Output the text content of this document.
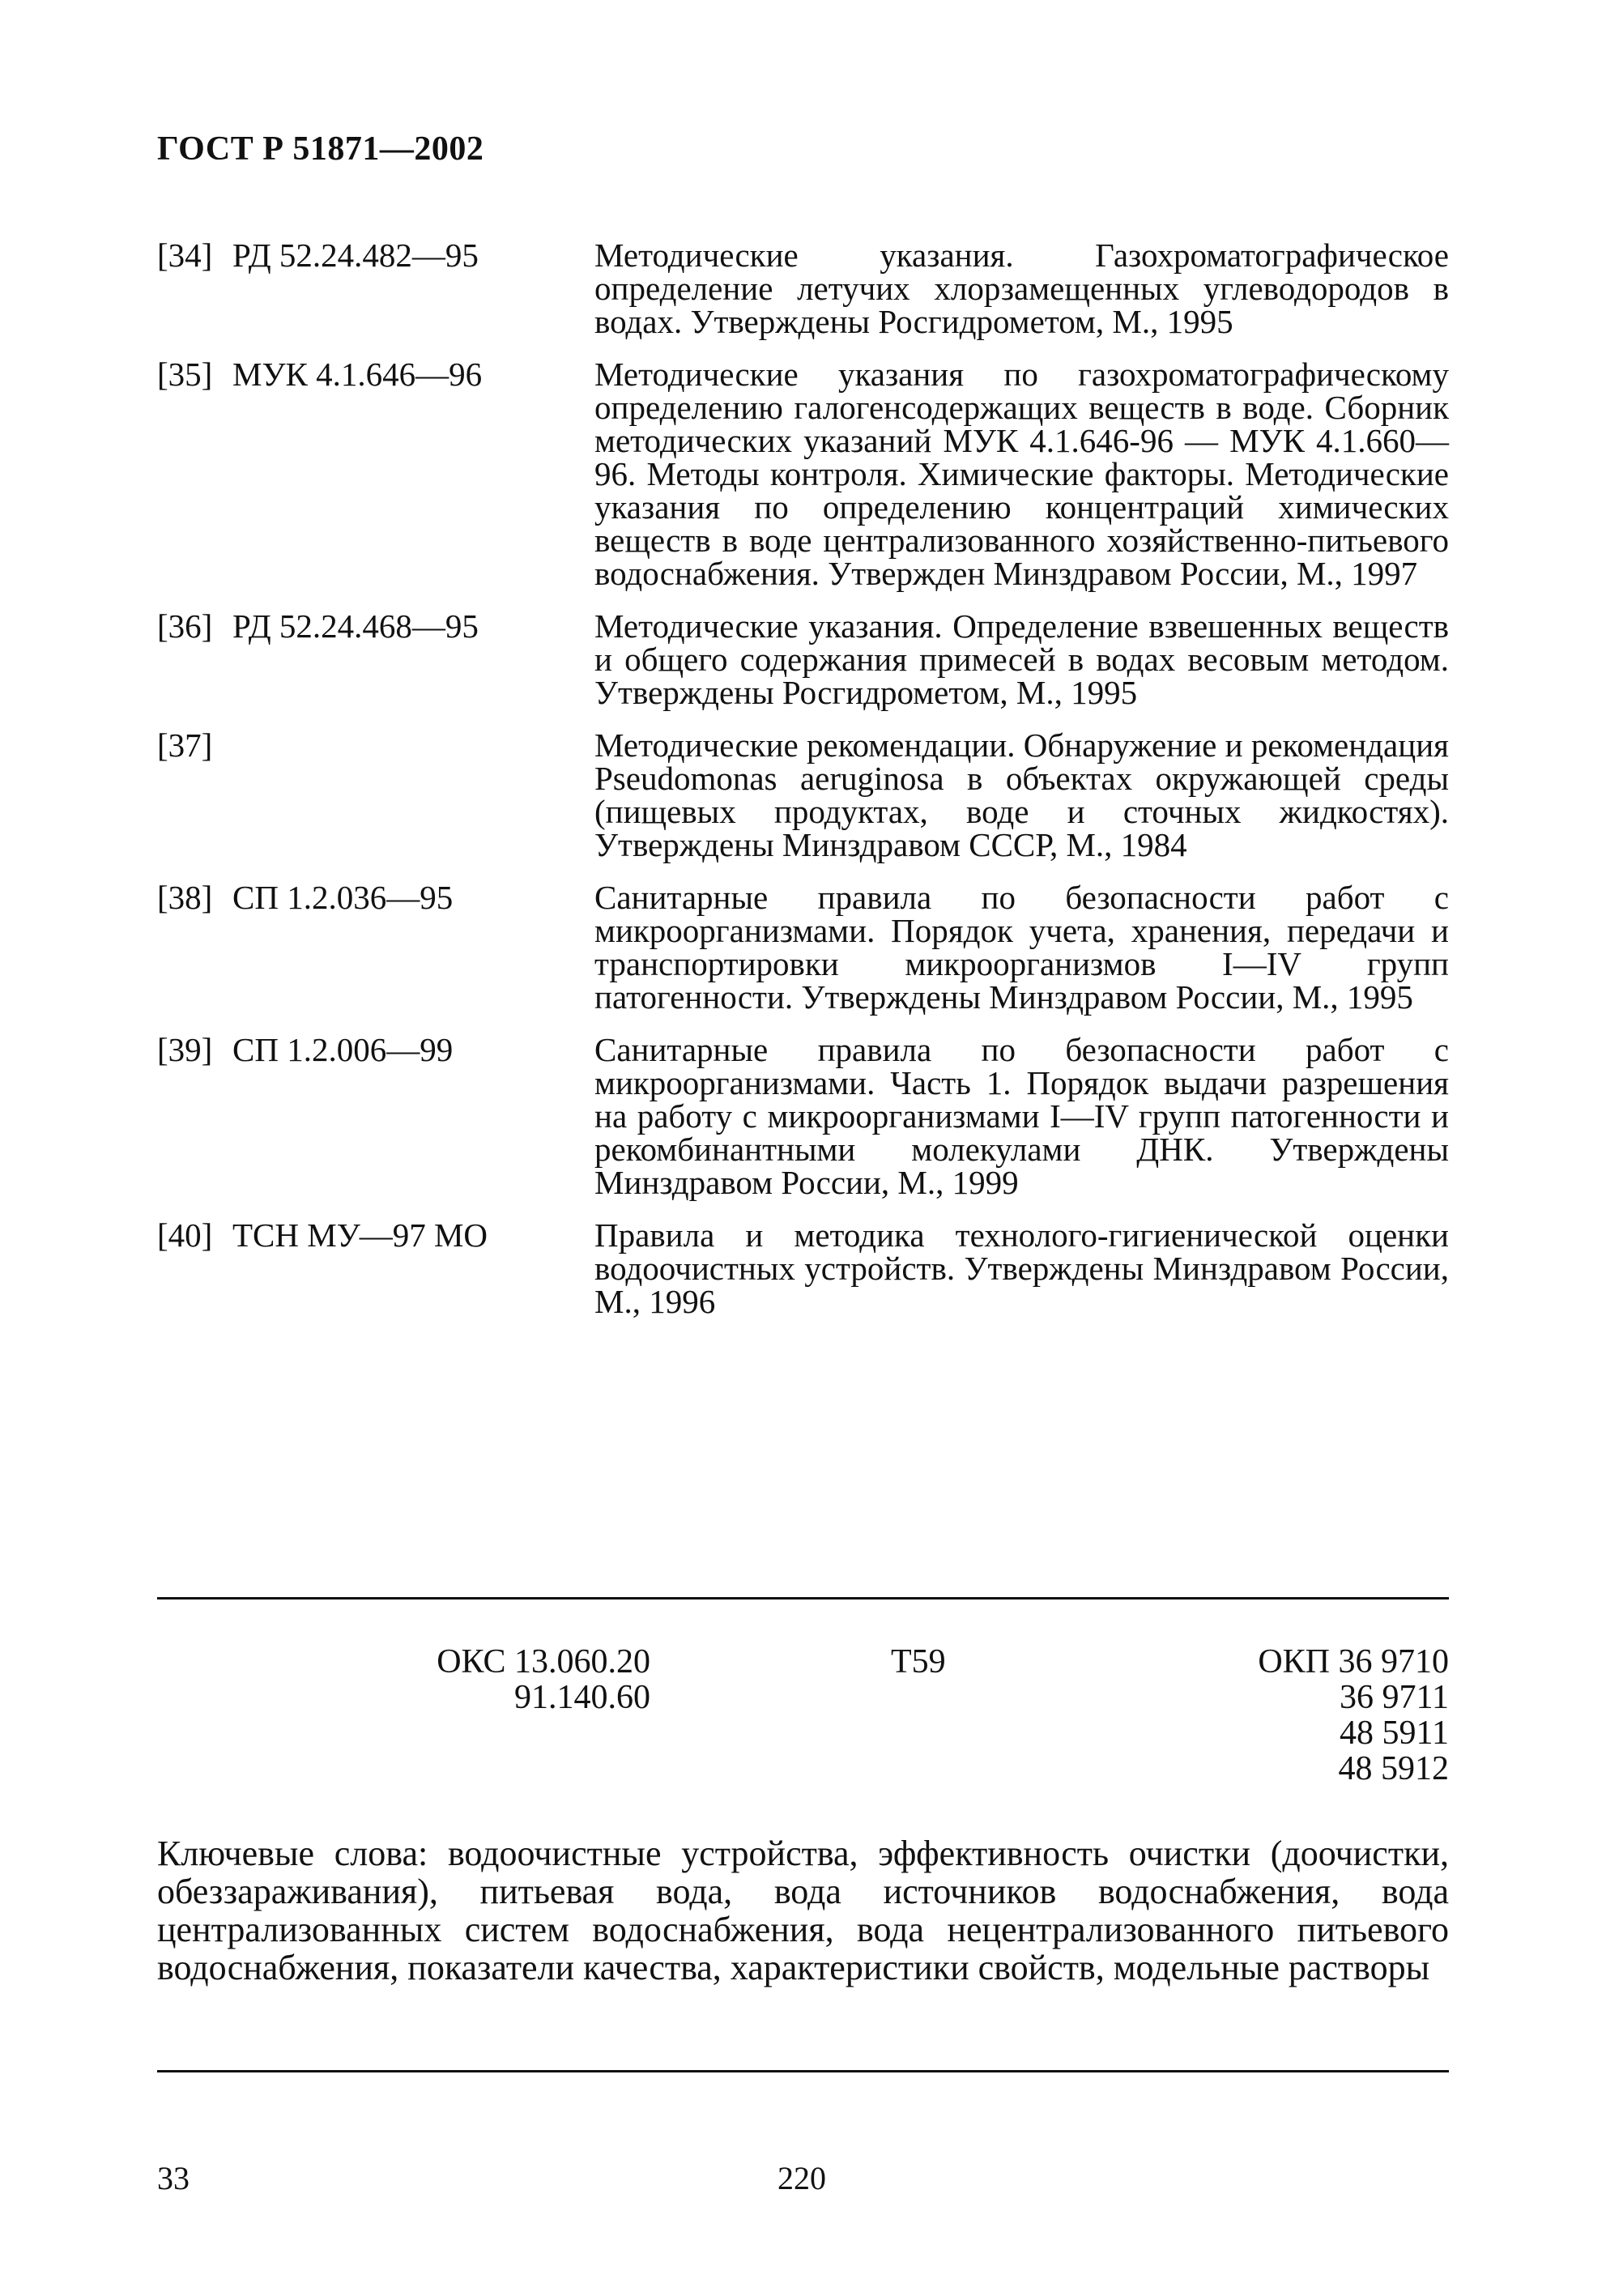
ГОСТ Р 51871—2002
[34] РД 52.24.482—95	Методические указания. Газохроматографическое определение летучих хлорзамещенных углеводородов в водах. Утверждены Росгидрометом, М., 1995
[35] МУК 4.1.646—96	Методические указания по газохроматографическому определению галогенсодержащих веществ в воде. Сборник методических указаний МУК 4.1.646-96 — МУК 4.1.660—96. Методы контроля. Химические факторы. Методические указания по определению концентраций химических веществ в воде централизованного хозяйственно-питьевого водоснабжения. Утвержден Минздравом России, М., 1997
[36] РД 52.24.468—95	Методические указания. Определение взвешенных веществ и общего содержания примесей в водах весовым методом. Утверждены Росгидрометом, М., 1995
[37]	Методические рекомендации. Обнаружение и рекомендация Pseudomonas aeruginosa в объектах окружающей среды (пищевых продуктах, воде и сточных жидкостях). Утверждены Минздравом СССР, М., 1984
[38] СП 1.2.036—95	Санитарные правила по безопасности работ с микроорганизмами. Порядок учета, хранения, передачи и транспортировки микроорганизмов I—IV групп патогенности. Утверждены Минздравом России, М., 1995
[39] СП 1.2.006—99	Санитарные правила по безопасности работ с микроорганизмами. Часть 1. Порядок выдачи разрешения на работу с микроорганизмами I—IV групп патогенности и рекомбинантными молекулами ДНК. Утверждены Минздравом России, М., 1999
[40] ТСН МУ—97 МО	Правила и методика технолого-гигиенической оценки водоочистных устройств. Утверждены Минздравом России, М., 1996
ОКС 13.060.20
91.140.60
Т59	ОКП 36 9710
36 9711
48 5911
48 5912
Ключевые слова: водоочистные устройства, эффективность очистки (доочистки, обеззараживания), питьевая вода, вода источников водоснабжения, вода централизованных систем водоснабжения, вода нецентрализованного питьевого водоснабжения, показатели качества, характеристики свойств, модельные растворы
33	220
